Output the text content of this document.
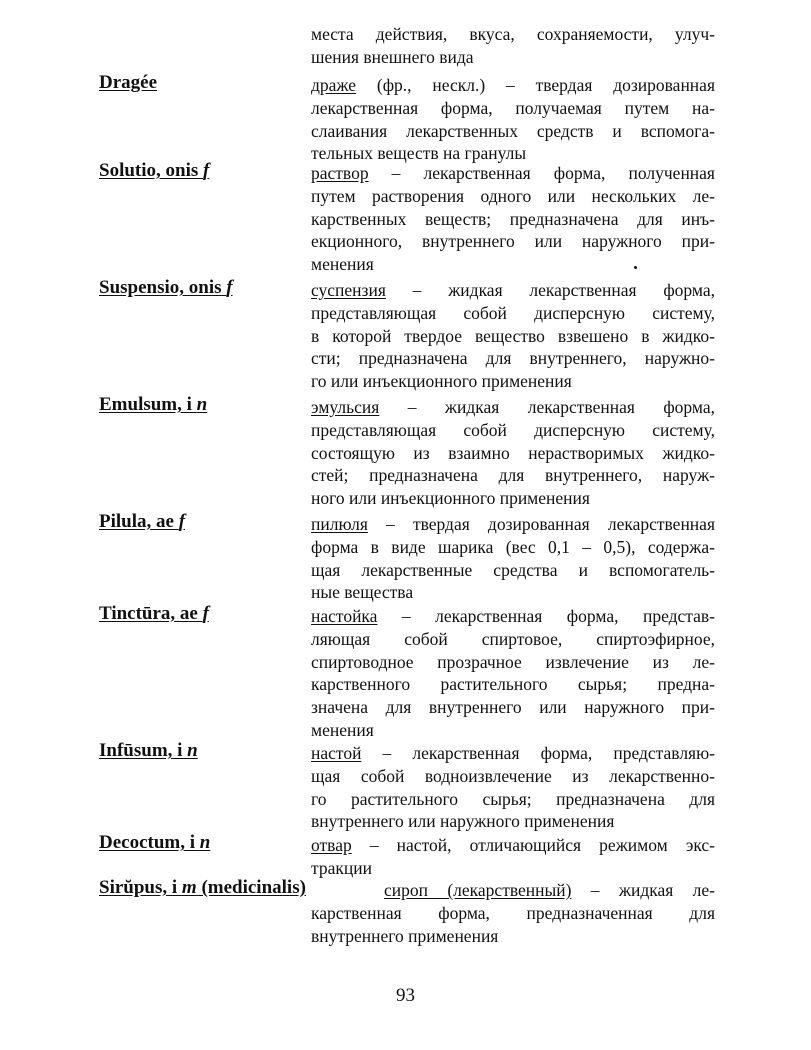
места действия, вкуса, сохраняемости, улуч-
шения внешнего вида
Dragée	драже (фр., нескл.) – твердая дозированная
лекарственная форма, получаемая путем на-
слаивания лекарственных средств и вспомога-
тельных веществ на гранулы
Solutio, onis f	раствор – лекарственная форма, полученная
путем растворения одного или нескольких ле-
карственных веществ; предназначена для инъ-
екционного, внутреннего или наружного при-
менения
Suspensio, onis f	суспензия – жидкая лекарственная форма,
представляющая собой дисперсную систему,
в которой твердое вещество взвешено в жидко-
сти; предназначена для внутреннего, наружно-
го или инъекционного применения
Emulsum, i n	эмульсия – жидкая лекарственная форма,
представляющая собой дисперсную систему,
состоящую из взаимно нерастворимых жидко-
стей; предназначена для внутреннего, наруж-
ного или инъекционного применения
Pilula, ae f	пилюля – твердая дозированная лекарственная
форма в виде шарика (вес 0,1 – 0,5), содержа-
щая лекарственные средства и вспомогатель-
ные вещества
Tinctūra, ae f	настойка – лекарственная форма, представ-
ляющая собой спиртовое, спиртоэфирное,
спиртоводное прозрачное извлечение из ле-
карственного растительного сырья; предна-
значена для внутреннего или наружного при-
менения
Infūsum, i n	настой – лекарственная форма, представляю-
щая собой водноизвлечение из лекарственно-
го растительного сырья; предназначена для
внутреннего или наружного применения
Decoctum, i n	отвар – настой, отличающийся режимом экс-
тракции
Sirŭpus, i m (medicinalis)	сироп (лекарственный) – жидкая ле-
карственная форма, предназначенная для
внутреннего применения
93
